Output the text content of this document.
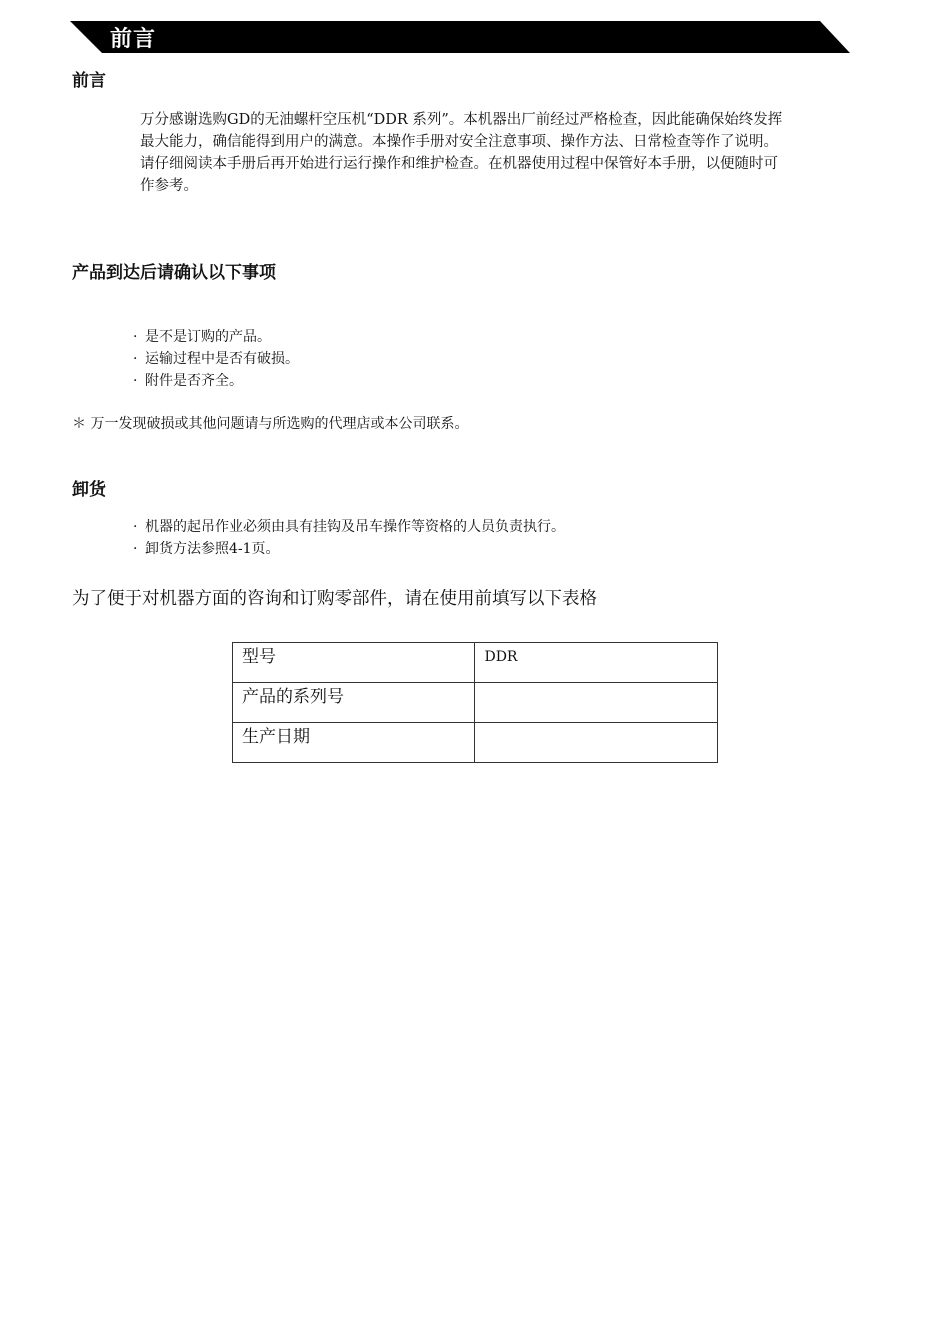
前言
前言

万分感谢选购GD的无油螺杆空压机“DDR 系列”。本机器出厂前经过严格检查，因此能确保始终发挥
最大能力，确信能得到用户的满意。本操作手册对安全注意事项、操作方法、日常检查等作了说明。
请仔细阅读本手册后再开始进行运行操作和维护检查。在机器使用过程中保管好本手册，以便随时可
作参考。

产品到达后请确认以下事项
· 是不是订购的产品。
· 运输过程中是否有破损。
· 附件是否齐全。
＊ 万一发现破损或其他问题请与所选购的代理店或本公司联系。
卸货
· 机器的起吊作业必须由具有挂钩及吊车操作等资格的人员负责执行。
· 卸货方法参照4-1页。
为了便于对机器方面的咨询和订购零部件，请在使用前填写以下表格
型号	DDR
产品的系列号	
生产日期	
